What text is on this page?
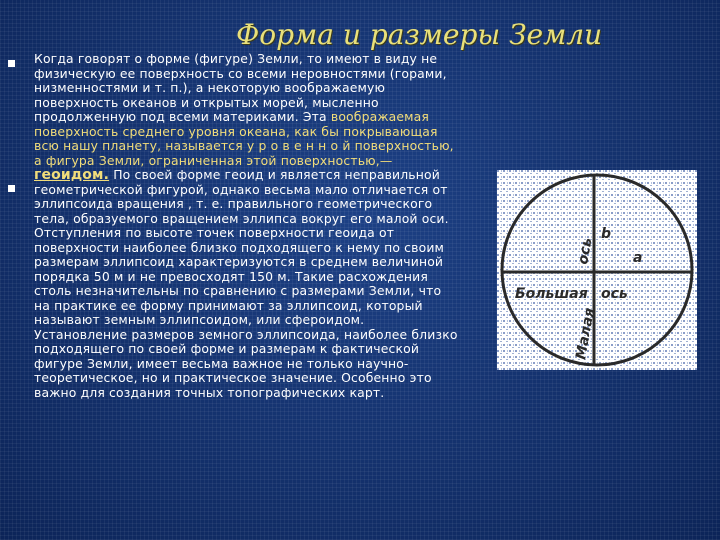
Форма и размеры Земли
Когда говорят о форме (фигуре) Земли, то имеют в виду не физическую ее поверхность со всеми неровностями (горами, низменностями и т. п.), а некоторую воображаемую поверхность океанов и открытых морей, мысленно продолженную под всеми материками. Эта воображаемая поверхность среднего уровня океана, как бы покрывающая всю нашу планету, называется у р о в е н н о й поверхностью, а фигура Земли, ограниченная этой поверхностью,— геоидом. По своей форме геоид и является неправильной геометрической фигурой, однако весьма мало отличается от эллипсоида вращения , т. е. правильного геометрического тела, образуемого вращением эллипса вокруг его малой оси. Отступления по высоте точек поверхности геоида от поверхности наиболее близко подходящего к нему по своим размерам эллипсоид характеризуются в среднем величиной порядка 50 м и не превосходят 150 м. Такие расхождения столь незначительны по сравнению с размерами Земли, что на практике ее форму принимают за эллипсоид, который называют земным эллипсоидом, или сфероидом. Установление размеров земного эллипсоида, наиболее близко подходящего по своей форме и размерам к фактической фигуре Земли, имеет весьма важное не только научно-теоретическое, но и практическое значение. Особенно это важно для создания точных топографических карт.
b
a
Большая ось
Малая
ось
